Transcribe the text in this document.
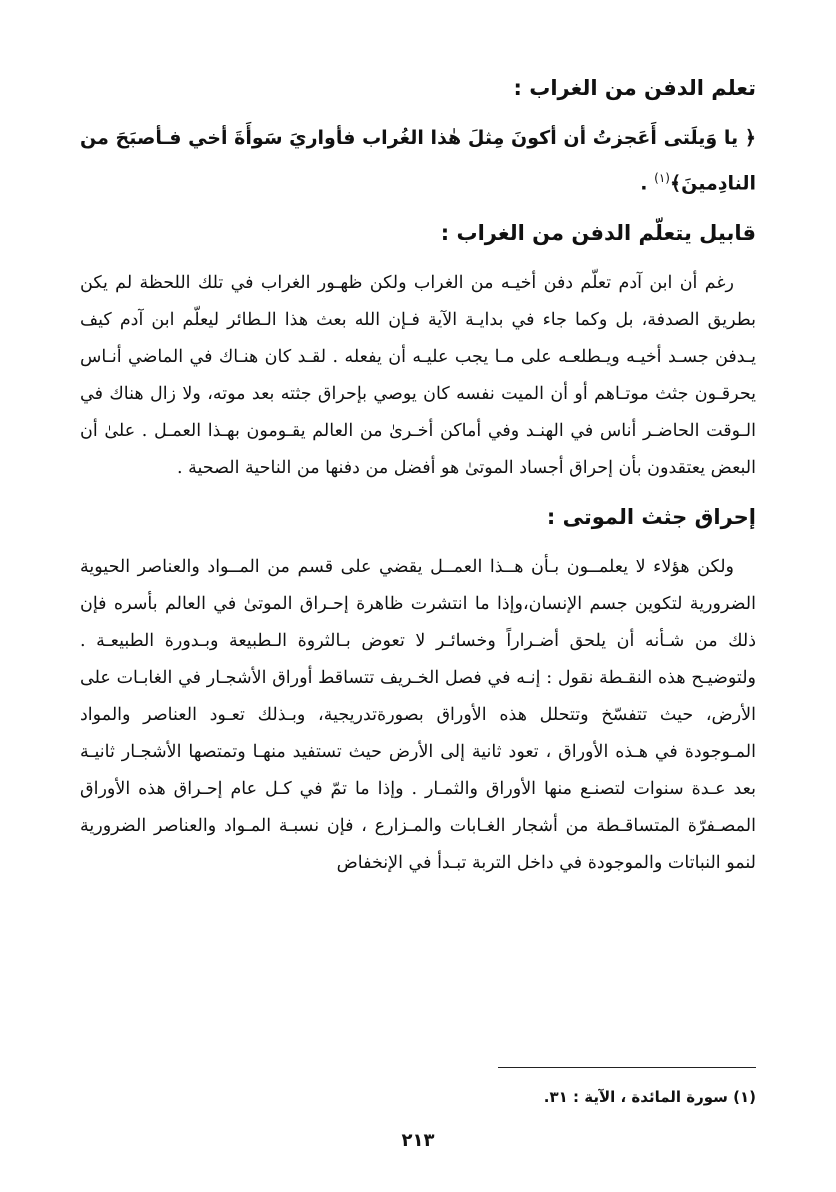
تعلم الدفن من الغراب :

﴿ يا وَيلَتى أَعَجزتُ أن أكونَ مِثلَ هٰذا الغُراب فأواريَ سَوأَةَ أخي فـأصبَحَ من النادِمينَ﴾$^{(١)}$ .

قابيل يتعلّم الدفن من الغراب :

رغم أن ابن آدم تعلّم دفن أخيـه من الغراب ولكن ظهـور الغراب في تلك اللحظة لم يكن بطريق الصدفة، بل وكما جاء في بدايـة الآية فـإن الله بعث هذا الـطائر ليعلّم ابن آدم كيف يـدفن جسـد أخيـه ويـطلعـه على مـا يجب عليـه أن يفعله . لقـد كان هنـاك في الماضي أنـاس يحرقـون جثث موتـاهم أو أن الميت نفسه كان يوصي بإحراق جثته بعد موته، ولا زال هناك في الـوقت الحاضـر أناس في الهنـد وفي أماكن أخـرىٰ من العالم يقـومون بهـذا العمـل . علىٰ أن البعض يعتقدون بأن إحراق أجساد الموتىٰ هو أفضل من دفنها من الناحية الصحية .

إحراق جثث الموتى :

ولكن هؤلاء لا يعلمــون بـأن هــذا العمــل يقضي على قسم من المــواد والعناصر الحيوية الضرورية لتكوين جسم الإنسان،وإذا ما انتشرت ظاهرة إحـراق الموتىٰ في العالم بأسره فإن ذلك من شـأنه أن يلحق أضـراراً وخسائـر لا تعوض بـالثروة الـطبيعة وبـدورة الطبيعـة . ولتوضيـح هذه النقـطة نقول : إنـه في فصل الخـريف تتساقط أوراق الأشجـار في الغابـات على الأرض، حيث تتفسّخ وتتحلل هذه الأوراق بصورةتدريجية، وبـذلك تعـود العناصر والمواد المـوجودة في هـذه الأوراق ، تعود ثانية إلى الأرض حيث تستفيد منهـا وتمتصها الأشجـار ثانيـة بعد عـدة سنوات لتصنـع منها الأوراق والثمـار . وإذا ما تمّ في كـل عام إحـراق هذه الأوراق المصـفرّة المتساقـطة من أشجار الغـابات والمـزارع ، فإن نسبـة المـواد والعناصر الضرورية لنمو النباتات والموجودة في داخل التربة تبـدأ في الإنخفاض

(١) سورة المائدة ، الآية : ٣١.

٢١٣
